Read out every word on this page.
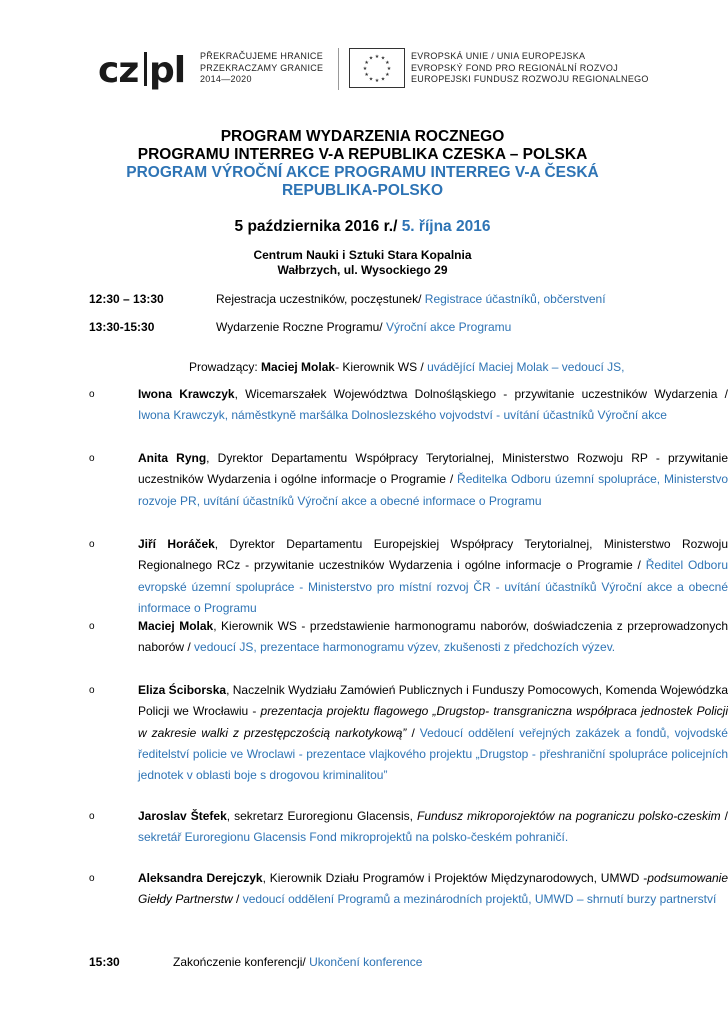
cz pl PŘEKRAČUJEME HRANICE
PRZEKRACZAMY GRANICE
2014—2020
★ ★
★
★
★
★
★
★
★
★
★
★	EVROPSKÁ UNIE / UNIA EUROPEJSKA
EVROPSKÝ FOND PRO REGIONÁLNÍ ROZVOJ
EUROPEJSKI FUNDUSZ ROZWOJU REGIONALNEGO
PROGRAM WYDARZENIA ROCZNEGO
PROGRAMU INTERREG V-A REPUBLIKA CZESKA – POLSKA
PROGRAM VÝROČNÍ AKCE PROGRAMU INTERREG V-A ČESKÁ
REPUBLIKA-POLSKO
5 października 2016 r./ 5. října 2016
Centrum Nauki i Sztuki Stara Kopalnia
Wałbrzych, ul. Wysockiego 29
12:30 – 13:30	Rejestracja uczestników, poczęstunek/ Registrace účastníků, občerstvení
13:30-15:30	Wydarzenie Roczne Programu/ Výroční akce Programu
Prowadzący: Maciej Molak- Kierownik WS / uvádějící Maciej Molak – vedoucí JS,
o	Iwona Krawczyk, Wicemarszałek Województwa Dolnośląskiego - przywitanie uczestników Wydarzenia / Iwona Krawczyk, náměstkyně maršálka Dolnoslezského vojvodství - uvítání účastníků Výroční akce
o	Anita Ryng, Dyrektor Departamentu Współpracy Terytorialnej, Ministerstwo Rozwoju RP - przywitanie uczestników Wydarzenia i ogólne informacje o Programie / Ředitelka Odboru územní spolupráce, Ministerstvo rozvoje PR, uvítání účastníků Výroční akce a obecné informace o Programu
o	Jiří Horáček, Dyrektor Departamentu Europejskiej Współpracy Terytorialnej, Ministerstwo Rozwoju Regionalnego RCz - przywitanie uczestników Wydarzenia i ogólne informacje o Programie / Ředitel Odboru evropské územní spolupráce - Ministerstvo pro místní rozvoj ČR - uvítání účastníků Výroční akce a obecné informace o Programu
o	Maciej Molak, Kierownik WS - przedstawienie harmonogramu naborów, doświadczenia z przeprowadzonych naborów / vedoucí JS, prezentace harmonogramu výzev, zkušenosti z předchozích výzev.
o	Eliza Ściborska, Naczelnik Wydziału Zamówień Publicznych i Funduszy Pomocowych, Komenda Wojewódzka Policji we Wrocławiu - prezentacja projektu flagowego „Drugstop- transgraniczna współpraca jednostek Policji w zakresie walki z przestępczością narkotykową” / Vedoucí oddělení veřejných zakázek a fondů, vojvodské ředitelství policie ve Wroclawi - prezentace vlajkového projektu „Drugstop - přeshraniční spolupráce policejních jednotek v oblasti boje s drogovou kriminalitou”
o	Jaroslav Štefek, sekretarz Euroregionu Glacensis, Fundusz mikroporojektów na pograniczu polsko-czeskim / sekretář Euroregionu Glacensis Fond mikroprojektů na polsko-českém pohraničí.
o	Aleksandra Derejczyk, Kierownik Działu Programów i Projektów Międzynarodowych, UMWD -podsumowanie Giełdy Partnerstw / vedoucí oddělení Programů a mezinárodních projektů, UMWD – shrnutí burzy partnerství
15:30	Zakończenie konferencji/ Ukončení konference
